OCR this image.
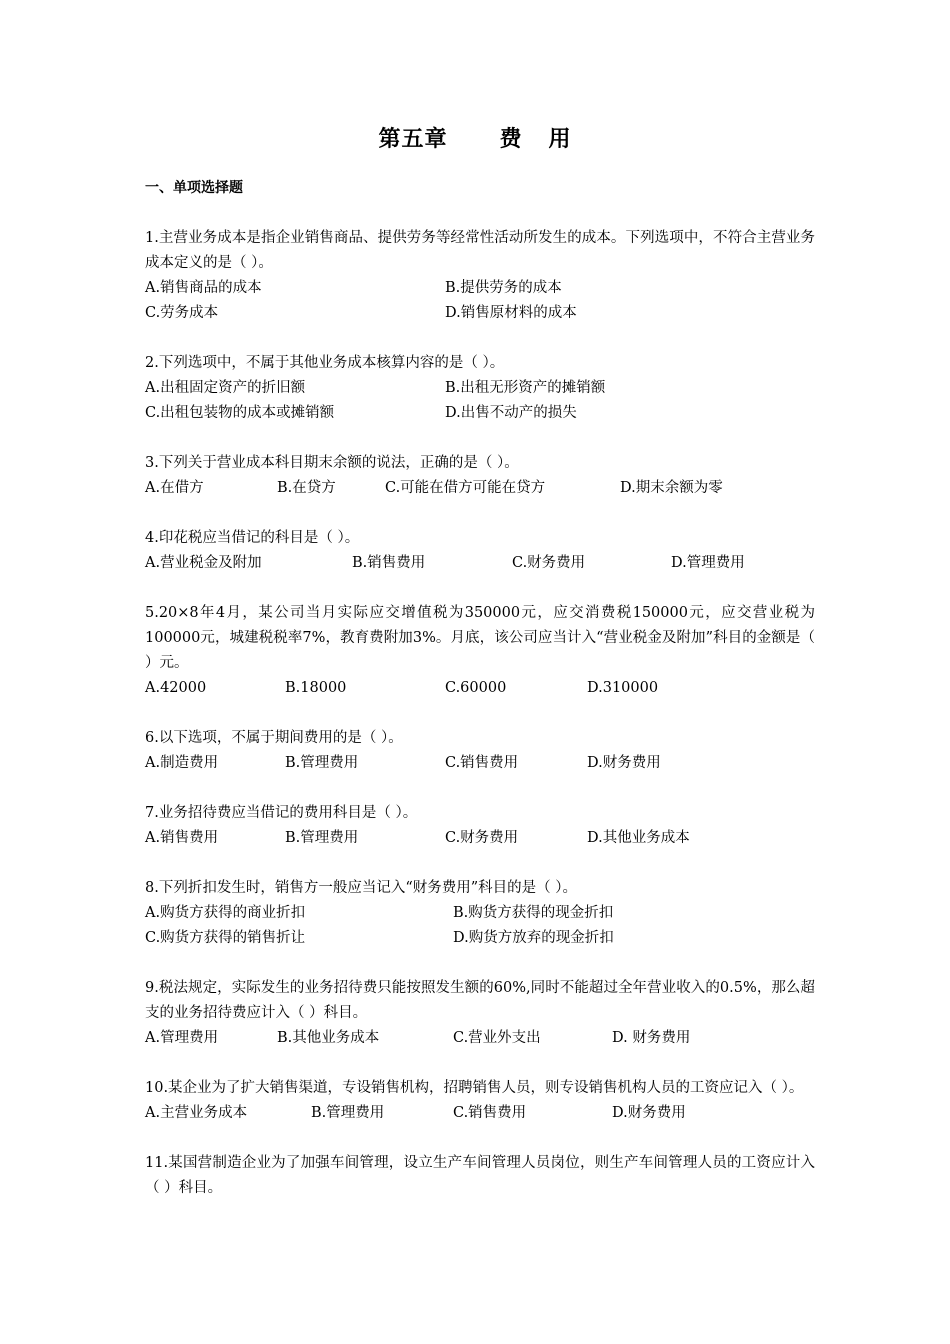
第五章      费   用
一、单项选择题
1.主营业务成本是指企业销售商品、提供劳务等经常性活动所发生的成本。下列选项中，不符合主营业务成本定义的是（ ）。
A.销售商品的成本	B.提供劳务的成本
C.劳务成本	D.销售原材料的成本
2.下列选项中，不属于其他业务成本核算内容的是（ ）。
A.出租固定资产的折旧额	B.出租无形资产的摊销额
C.出租包装物的成本或摊销额	D.出售不动产的损失
3.下列关于营业成本科目期末余额的说法，正确的是（ ）。
A.在借方	B.在贷方	C.可能在借方可能在贷方	D.期末余额为零
4.印花税应当借记的科目是（ ）。
A.营业税金及附加	B.销售费用	C.财务费用	D.管理费用
5.20×8年4月，某公司当月实际应交增值税为350000元，应交消费税150000元，应交营业税为100000元，城建税税率7%，教育费附加3%。月底，该公司应当计入“营业税金及附加”科目的金额是（ ）元。
A.42000	B.18000	C.60000	D.310000
6.以下选项，不属于期间费用的是（ ）。
A.制造费用	B.管理费用	C.销售费用	D.财务费用
7.业务招待费应当借记的费用科目是（ ）。
A.销售费用	B.管理费用	C.财务费用	D.其他业务成本
8.下列折扣发生时，销售方一般应当记入“财务费用”科目的是（ ）。
A.购货方获得的商业折扣	B.购货方获得的现金折扣
C.购货方获得的销售折让	D.购货方放弃的现金折扣
9.税法规定，实际发生的业务招待费只能按照发生额的60%,同时不能超过全年营业收入的0.5%，那么超支的业务招待费应计入（ ）科目。
A.管理费用	B.其他业务成本	C.营业外支出	D. 财务费用
10.某企业为了扩大销售渠道，专设销售机构，招聘销售人员，则专设销售机构人员的工资应记入（ ）。
A.主营业务成本	B.管理费用	C.销售费用	D.财务费用
11.某国营制造企业为了加强车间管理，设立生产车间管理人员岗位，则生产车间管理人员的工资应计入（ ）科目。
